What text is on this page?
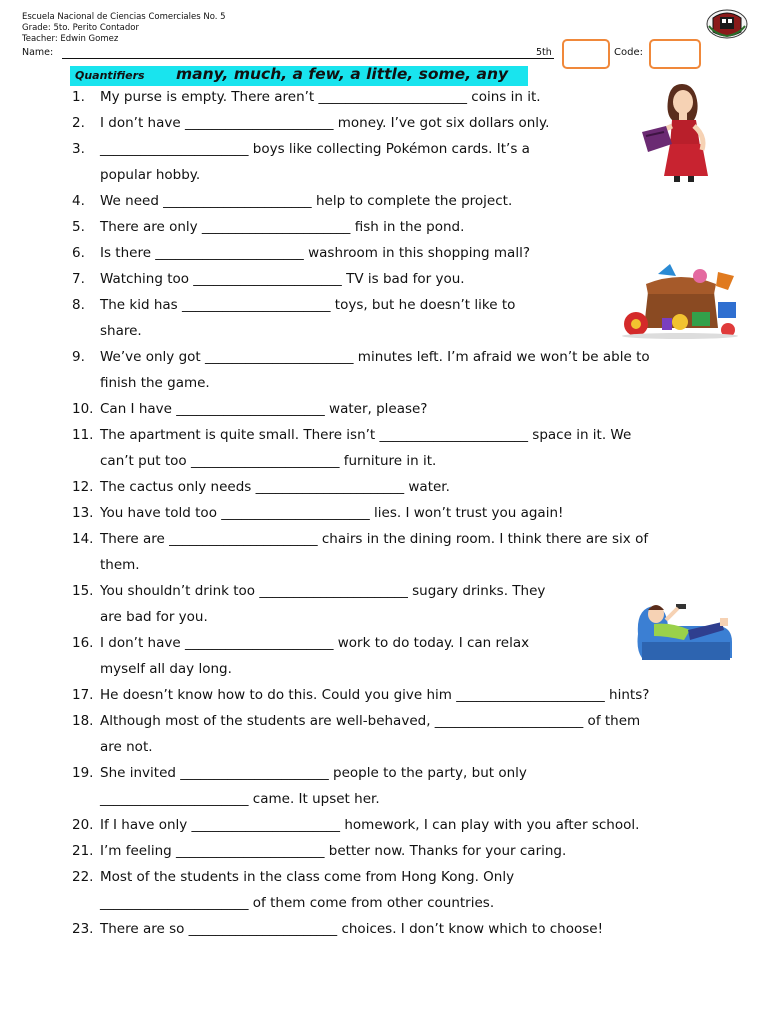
Escuela Nacional de Ciencias Comerciales No. 5
Grade: 5to. Perito Contador
Teacher: Edwin Gomez
Name:	5th	Code:
Quantifiers many, much, a few, a little, some, any
1. My purse is empty. There aren’t ______________________ coins in it.
2. I don’t have ______________________ money. I’ve got six dollars only.
3. ______________________ boys like collecting Pokémon cards. It’s a
popular hobby.
4. We need ______________________ help to complete the project.
5. There are only ______________________ fish in the pond.
6. Is there ______________________ washroom in this shopping mall?
7. Watching too ______________________ TV is bad for you.
8. The kid has ______________________ toys, but he doesn’t like to
share.
9. We’ve only got ______________________ minutes left. I’m afraid we won’t be able to
finish the game.
10. Can I have ______________________ water, please?
11. The apartment is quite small. There isn’t ______________________ space in it. We
can’t put too ______________________ furniture in it.
12. The cactus only needs ______________________ water.
13. You have told too ______________________ lies. I won’t trust you again!
14. There are ______________________ chairs in the dining room. I think there are six of
them.
15. You shouldn’t drink too ______________________ sugary drinks. They
are bad for you.
16. I don’t have ______________________ work to do today. I can relax
myself all day long.
17. He doesn’t know how to do this. Could you give him ______________________ hints?
18. Although most of the students are well-behaved, ______________________ of them
are not.
19. She invited ______________________ people to the party, but only
______________________ came. It upset her.
20. If I have only ______________________ homework, I can play with you after school.
21. I’m feeling ______________________ better now. Thanks for your caring.
22. Most of the students in the class come from Hong Kong. Only
______________________ of them come from other countries.
23. There are so ______________________ choices. I don’t know which to choose!
